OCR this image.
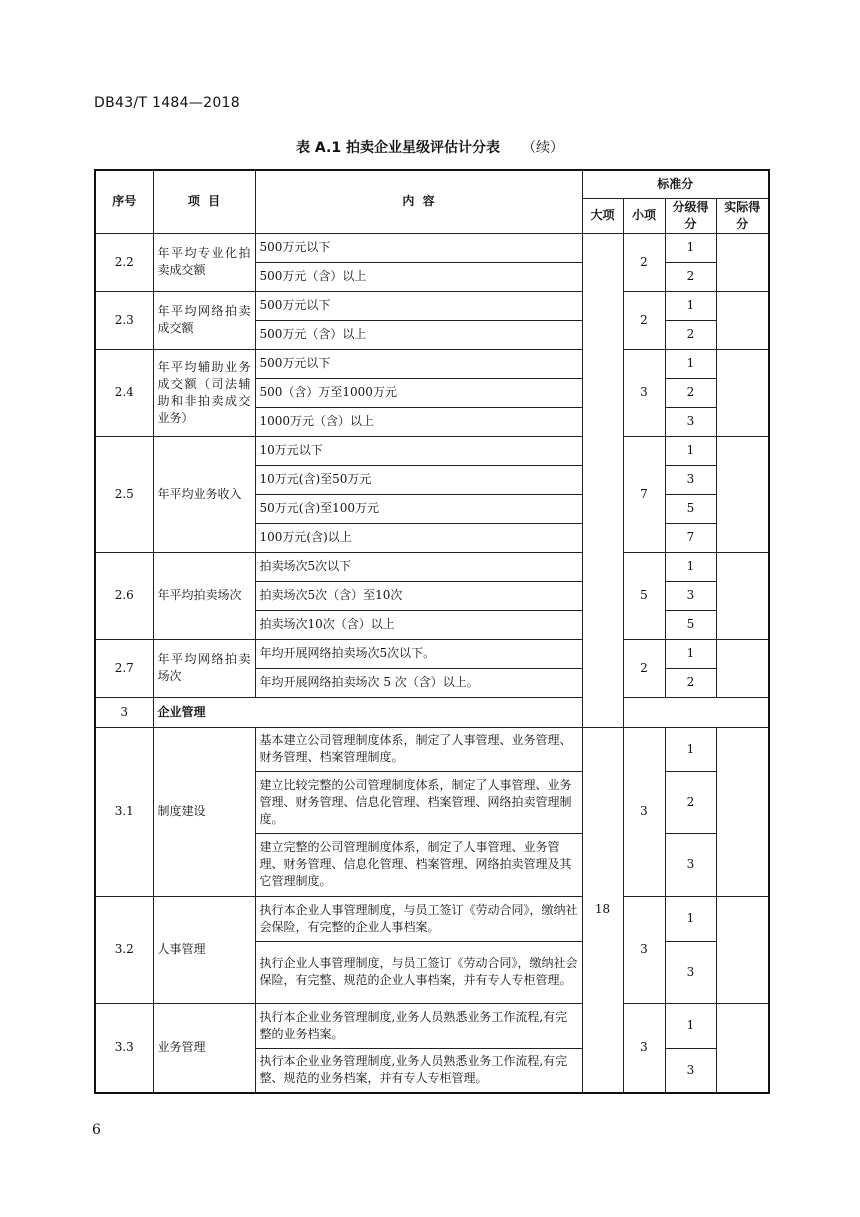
DB43/T 1484—2018
表 A.1 拍卖企业星级评估计分表 （续）
序号	项  目	内  容	标准分			
			大项	小项	分级得分	实际得分
2.2	年平均专业化拍卖成交额	500万元以下		2	1	
		500万元（含）以上			2	
2.3	年平均网络拍卖成交额	500万元以下		2	1	
		500万元（含）以上			2	
2.4	年平均辅助业务成交额（司法辅助和非拍卖成交业务）	500万元以下		3	1	
		500（含）万至1000万元			2	
		1000万元（含）以上			3	
2.5	年平均业务收入	10万元以下		7	1	
		10万元(含)至50万元			3	
		50万元(含)至100万元			5	
		100万元(含)以上			7	
2.6	年平均拍卖场次	拍卖场次5次以下		5	1	
		拍卖场次5次（含）至10次			3	
		拍卖场次10次（含）以上			5	
2.7	年平均网络拍卖场次	年均开展网络拍卖场次5次以下。		2	1	
		年均开展网络拍卖场次 5 次（含）以上。			2	
3	企业管理					
3.1	制度建设	基本建立公司管理制度体系，制定了人事管理、业务管理、财务管理、档案管理制度。	18	3	1	
		建立比较完整的公司管理制度体系，制定了人事管理、业务管理、财务管理、信息化管理、档案管理、网络拍卖管理制度。			2	
		建立完整的公司管理制度体系，制定了人事管理、业务管理、财务管理、信息化管理、档案管理、网络拍卖管理及其它管理制度。			3	
3.2	人事管理	执行本企业人事管理制度，与员工签订《劳动合同》，缴纳社会保险，有完整的企业人事档案。		3	1	
		执行企业人事管理制度，与员工签订《劳动合同》，缴纳社会保险，有完整、规范的企业人事档案，并有专人专柜管理。			3	
3.3	业务管理	执行本企业业务管理制度,业务人员熟悉业务工作流程,有完整的业务档案。		3	1	
		执行本企业业务管理制度,业务人员熟悉业务工作流程,有完整、规范的业务档案，并有专人专柜管理。			3	
6
